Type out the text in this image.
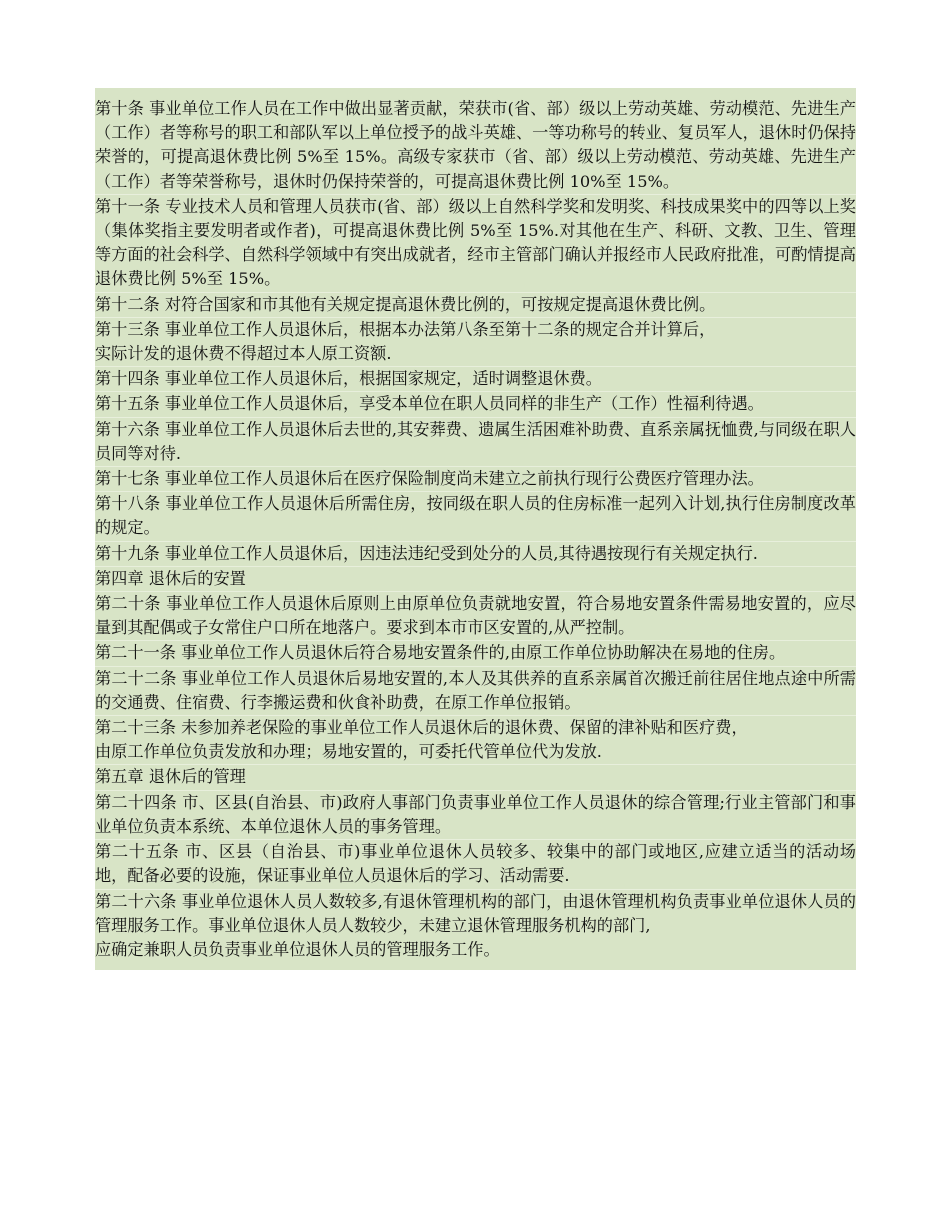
第十条 事业单位工作人员在工作中做出显著贡献，荣获市(省、部）级以上劳动英雄、劳动模范、先进生产（工作）者等称号的职工和部队军以上单位授予的战斗英雄、一等功称号的转业、复员军人，退休时仍保持荣誉的，可提高退休费比例 5%至 15%。高级专家获市（省、部）级以上劳动模范、劳动英雄、先进生产（工作）者等荣誉称号，退休时仍保持荣誉的，可提高退休费比例 10%至 15%。

第十一条 专业技术人员和管理人员获市(省、部）级以上自然科学奖和发明奖、科技成果奖中的四等以上奖（集体奖指主要发明者或作者)，可提高退休费比例 5%至 15%.对其他在生产、科研、文教、卫生、管理等方面的社会科学、自然科学领域中有突出成就者，经市主管部门确认并报经市人民政府批准，可酌情提高退休费比例 5%至 15%。

第十二条 对符合国家和市其他有关规定提高退休费比例的，可按规定提高退休费比例。

第十三条 事业单位工作人员退休后，根据本办法第八条至第十二条的规定合并计算后，
实际计发的退休费不得超过本人原工资额.

第十四条 事业单位工作人员退休后，根据国家规定，适时调整退休费。

第十五条 事业单位工作人员退休后，享受本单位在职人员同样的非生产（工作）性福利待遇。

第十六条 事业单位工作人员退休后去世的,其安葬费、遗属生活困难补助费、直系亲属抚恤费,与同级在职人员同等对待.

第十七条 事业单位工作人员退休后在医疗保险制度尚未建立之前执行现行公费医疗管理办法。

第十八条 事业单位工作人员退休后所需住房，按同级在职人员的住房标准一起列入计划,执行住房制度改革的规定。

第十九条 事业单位工作人员退休后，因违法违纪受到处分的人员,其待遇按现行有关规定执行.

第四章 退休后的安置

第二十条 事业单位工作人员退休后原则上由原单位负责就地安置，符合易地安置条件需易地安置的，应尽量到其配偶或子女常住户口所在地落户。要求到本市市区安置的,从严控制。

第二十一条 事业单位工作人员退休后符合易地安置条件的,由原工作单位协助解决在易地的住房。

第二十二条 事业单位工作人员退休后易地安置的,本人及其供养的直系亲属首次搬迁前往居住地点途中所需的交通费、住宿费、行李搬运费和伙食补助费，在原工作单位报销。

第二十三条 未参加养老保险的事业单位工作人员退休后的退休费、保留的津补贴和医疗费，
由原工作单位负责发放和办理；易地安置的，可委托代管单位代为发放.

第五章 退休后的管理

第二十四条 市、区县(自治县、市)政府人事部门负责事业单位工作人员退休的综合管理;行业主管部门和事业单位负责本系统、本单位退休人员的事务管理。

第二十五条 市、区县（自治县、市)事业单位退休人员较多、较集中的部门或地区,应建立适当的活动场地，配备必要的设施，保证事业单位人员退休后的学习、活动需要.

第二十六条 事业单位退休人员人数较多,有退休管理机构的部门，由退休管理机构负责事业单位退休人员的管理服务工作。事业单位退休人员人数较少，未建立退休管理服务机构的部门,
应确定兼职人员负责事业单位退休人员的管理服务工作。
